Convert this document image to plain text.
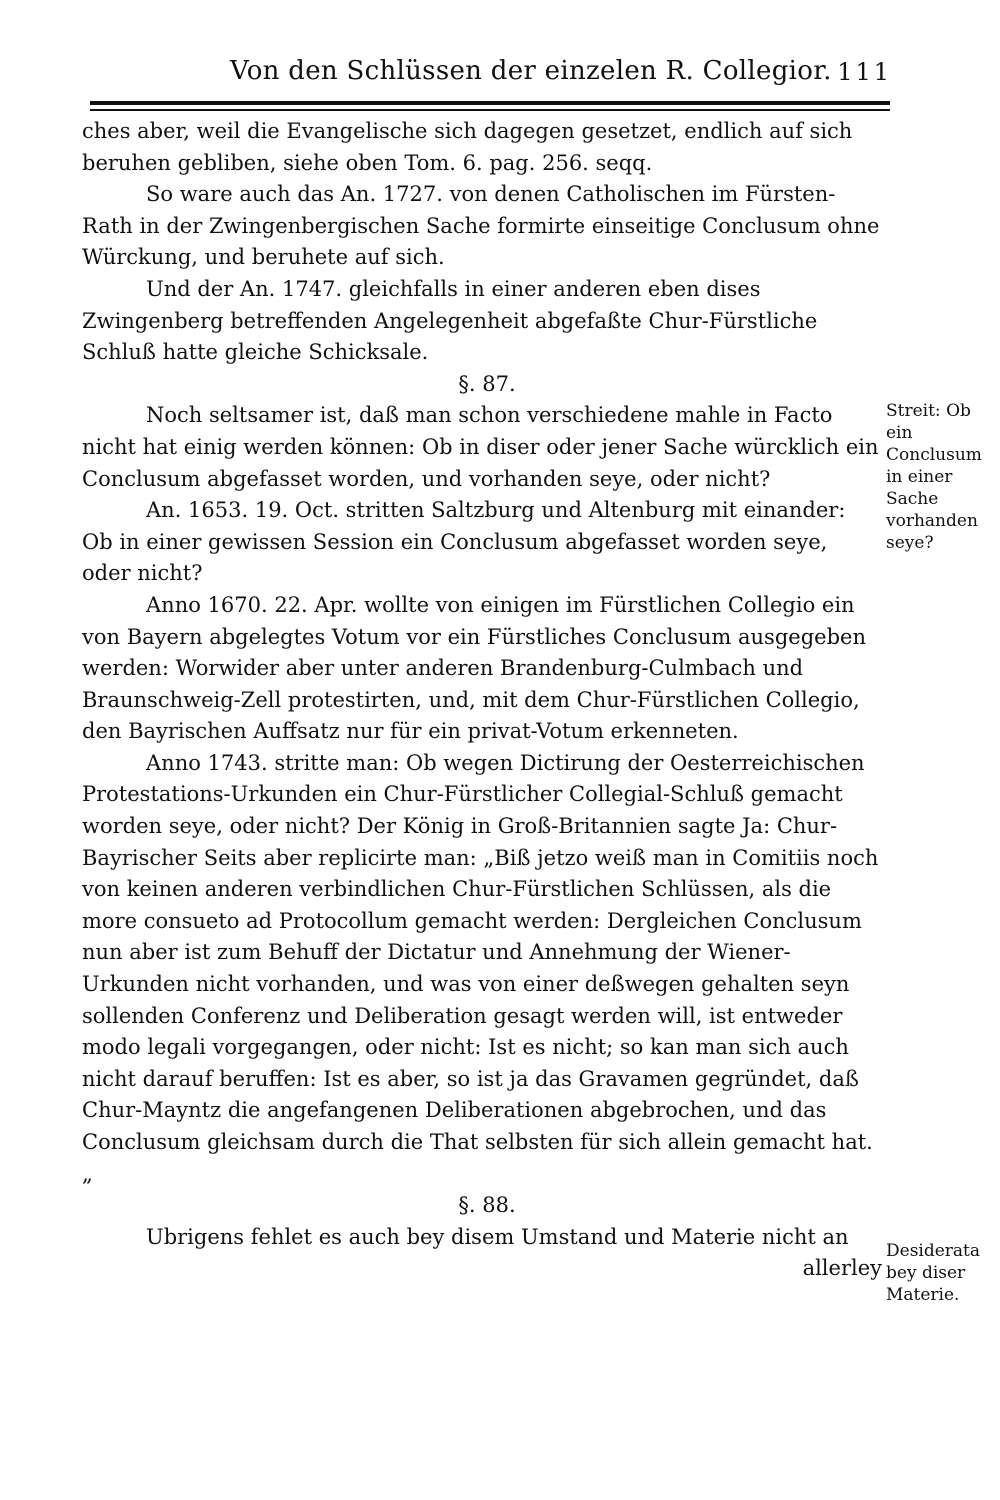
Von den Schlüssen der einzelen R. Collegior. 111

ches aber, weil die Evangelische sich dagegen gesetzet, endlich auf sich beruhen gebliben, siehe oben Tom. 6. pag. 256. seqq.

So ware auch das An. 1727. von denen Catholischen im Fürsten-Rath in der Zwingenbergischen Sache formirte einseitige Conclusum ohne Würckung, und beruhete auf sich.

Und der An. 1747. gleichfalls in einer anderen eben dises Zwingenberg betreffenden Angelegenheit abgefaßte Chur-Fürstliche Schluß hatte gleiche Schicksale.

§. 87.

Noch seltsamer ist, daß man schon verschiedene mahle in Facto nicht hat einig werden können: Ob in diser oder jener Sache würcklich ein Conclusum abgefasset worden, und vorhanden seye, oder nicht?

An. 1653. 19. Oct. stritten Saltzburg und Altenburg mit einander: Ob in einer gewissen Session ein Conclusum abgefasset worden seye, oder nicht?

Anno 1670. 22. Apr. wollte von einigen im Fürstlichen Collegio ein von Bayern abgelegtes Votum vor ein Fürstliches Conclusum ausgegeben werden: Worwider aber unter anderen Brandenburg-Culmbach und Braunschweig-Zell protestirten, und, mit dem Chur-Fürstlichen Collegio, den Bayrischen Auffsatz nur für ein privat-Votum erkenneten.

Anno 1743. stritte man: Ob wegen Dictirung der Oesterreichischen Protestations-Urkunden ein Chur-Fürstlicher Collegial-Schluß gemacht worden seye, oder nicht? Der König in Groß-Britannien sagte Ja: Chur-Bayrischer Seits aber replicirte man: „Biß jetzo weiß man in Comitiis noch von keinen anderen verbindlichen Chur-Fürstlichen Schlüssen, als die more consueto ad Protocollum gemacht werden: Dergleichen Conclusum nun aber ist zum Behuff der Dictatur und Annehmung der Wiener-Urkunden nicht vorhanden, und was von einer deßwegen gehalten seyn sollenden Conferenz und Deliberation gesagt werden will, ist entweder modo legali vorgegangen, oder nicht: Ist es nicht; so kan man sich auch nicht darauf beruffen: Ist es aber, so ist ja das Gravamen gegründet, daß Chur-Mayntz die angefangenen Deliberationen abgebrochen, und das Conclusum gleichsam durch die That selbsten für sich allein gemacht hat.„

§. 88.

Ubrigens fehlet es auch bey disem Umstand und Materie nicht an

allerley

Streit: Ob ein Conclusum in einer Sache vorhanden seye?
Desiderata bey diser Materie.
